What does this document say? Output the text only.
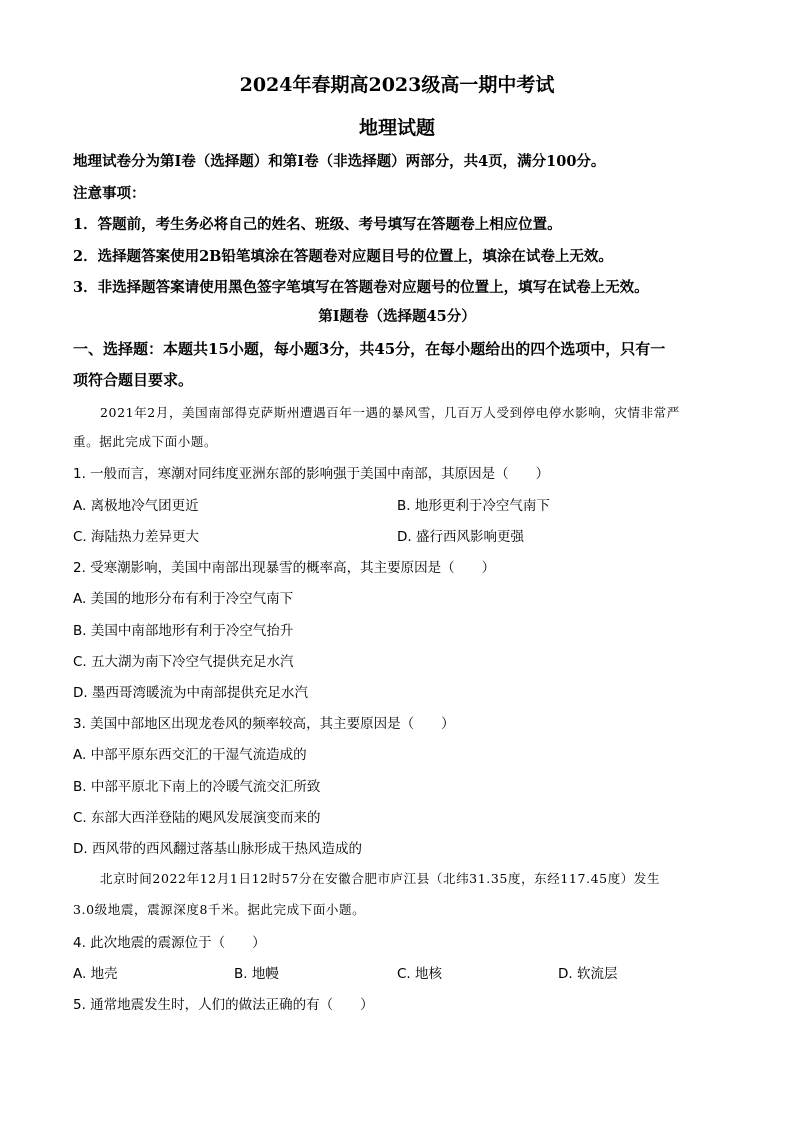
2024年春期高2023级高一期中考试
地理试题
地理试卷分为第Ⅰ卷（选择题）和第Ⅰ卷（非选择题）两部分，共4页，满分100分。
注意事项：
1．答题前，考生务必将自己的姓名、班级、考号填写在答题卷上相应位置。
2．选择题答案使用2B铅笔填涂在答题卷对应题目号的位置上，填涂在试卷上无效。
3．非选择题答案请使用黑色签字笔填写在答题卷对应题号的位置上，填写在试卷上无效。
第Ⅰ题卷（选择题45分）
一、选择题：本题共15小题，每小题3分，共45分，在每小题给出的四个选项中，只有一
项符合题目要求。
2021年2月，美国南部得克萨斯州遭遇百年一遇的暴风雪，几百万人受到停电停水影响，灾情非常严
重。据此完成下面小题。
1. 一般而言，寒潮对同纬度亚洲东部的影响强于美国中南部，其原因是（　　）
A. 离极地冷气团更近	B. 地形更利于冷空气南下
C. 海陆热力差异更大	D. 盛行西风影响更强
2. 受寒潮影响，美国中南部出现暴雪的概率高，其主要原因是（　　）
A. 美国的地形分布有利于冷空气南下
B. 美国中南部地形有利于冷空气抬升
C. 五大湖为南下冷空气提供充足水汽
D. 墨西哥湾暖流为中南部提供充足水汽
3. 美国中部地区出现龙卷风的频率较高，其主要原因是（　　）
A. 中部平原东西交汇的干湿气流造成的
B. 中部平原北下南上的冷暖气流交汇所致
C. 东部大西洋登陆的飓风发展演变而来的
D. 西风带的西风翻过落基山脉形成干热风造成的
北京时间2022年12月1日12时57分在安徽合肥市庐江县（北纬31.35度，东经117.45度）发生
3.0级地震，震源深度8千米。据此完成下面小题。
4. 此次地震的震源位于（　　）
A. 地壳	B. 地幔	C. 地核	D. 软流层
5. 通常地震发生时，人们的做法正确的有（　　）
